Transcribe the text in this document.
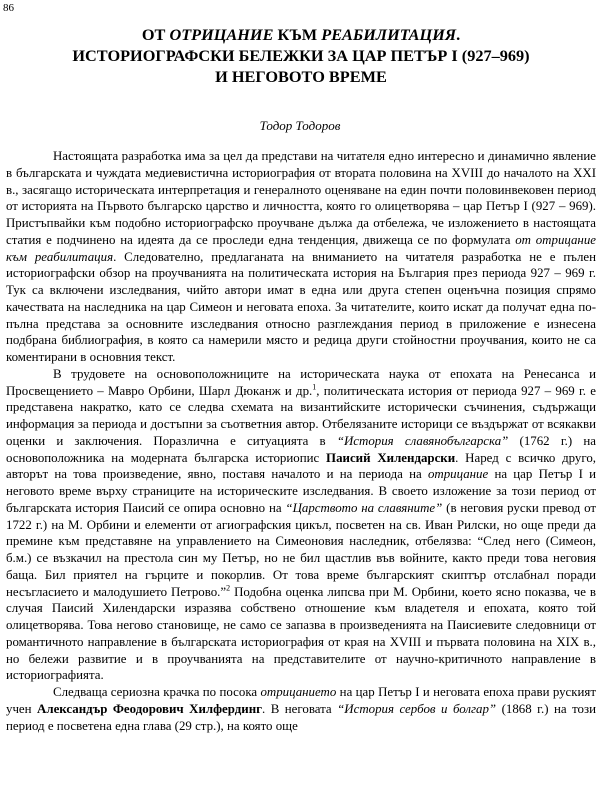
86
ОТ ОТРИЦАНИЕ КЪМ РЕАБИЛИТАЦИЯ.
ИСТОРИОГРАФСКИ БЕЛЕЖКИ ЗА ЦАР ПЕТЪР I (927–969)
И НЕГОВОТО ВРЕМЕ
Тодор Тодоров

Настоящата разработка има за цел да представи на читателя едно интересно и динамично явление в българската и чуждата медиевистична историография от втората половина на XVIII до началото на XXI в., засягащо историческата интерпретация и генералното оценяване на един почти половинвековен период от историята на Първото българско царство и личността, която го олицетворява – цар Петър I (927 – 969). Пристъпвайки към подобно историографско проучване дължа да отбележа, че изложението в настоящата статия е подчинено на идеята да се проследи една тенденция, движеща се по формулата от отрицание към реабилитация. Следователно, предлаганата на вниманието на читателя разработка не е пълен историографски обзор на проучванията на политическата история на България през периода 927 – 969 г. Тук са включени изследвания, чийто автори имат в една или друга степен оценъчна позиция спрямо качествата на наследника на цар Симеон и неговата епоха. За читателите, които искат да получат една по-пълна представа за основните изследвания относно разглеждания период в приложение е изнесена подбрана библиография, в която са намерили място и редица други стойностни проучвания, които не са коментирани в основния текст.

В трудовете на основоположниците на историческата наука от епохата на Ренесанса и Просвещението – Мавро Орбини, Шарл Дюканж и др.$^1$, политическата история от периода 927 – 969 г. е представена накратко, като се следва схемата на византийските исторически съчинения, съдържащи информация за периода и достъпни за съответния автор. Отбелязаните историци се въздържат от всякакви оценки и заключения. Поразлична е ситуацията в “История славянобългарска” (1762 г.) на основоположника на модерната българска историопис Паисий Хилендарски. Наред с всичко друго, авторът на това произведение, явно, поставя началото и на периода на отрицание на цар Петър I и неговото време върху страниците на историческите изследвания. В своето изложение за този период от българската история Паисий се опира основно на “Царството на славяните” (в неговия руски превод от 1722 г.) на М. Орбини и елементи от агиографския цикъл, посветен на св. Иван Рилски, но още преди да премине към представяне на управлението на Симеоновия наследник, отбелязва: “След него (Симеон, б.м.) се възкачил на престола син му Петър, но не бил щастлив във войните, както преди това неговия баща. Бил приятел на гърците и покорлив. От това време българският скиптър отслабнал поради несъгласието и малодушието Петрово.”$^2$ Подобна оценка липсва при М. Орбини, което ясно показва, че в случая Паисий Хилендарски изразява собствено отношение към владетеля и епохата, която той олицетворява. Това негово становище, не само се запазва в произведенията на Паисиевите следовници от романтичното направление в българската историография от края на XVIII и първата половина на XIX в., но бележи развитие и в проучванията на представителите от научно-критичното направление в историографията.

Следваща сериозна крачка по посока отрицанието на цар Петър I и неговата епоха прави руският учен Александър Феодорович Хилфердинг. В неговата “История сербов и болгар” (1868 г.) на този период е посветена една глава (29 стр.), на която още
